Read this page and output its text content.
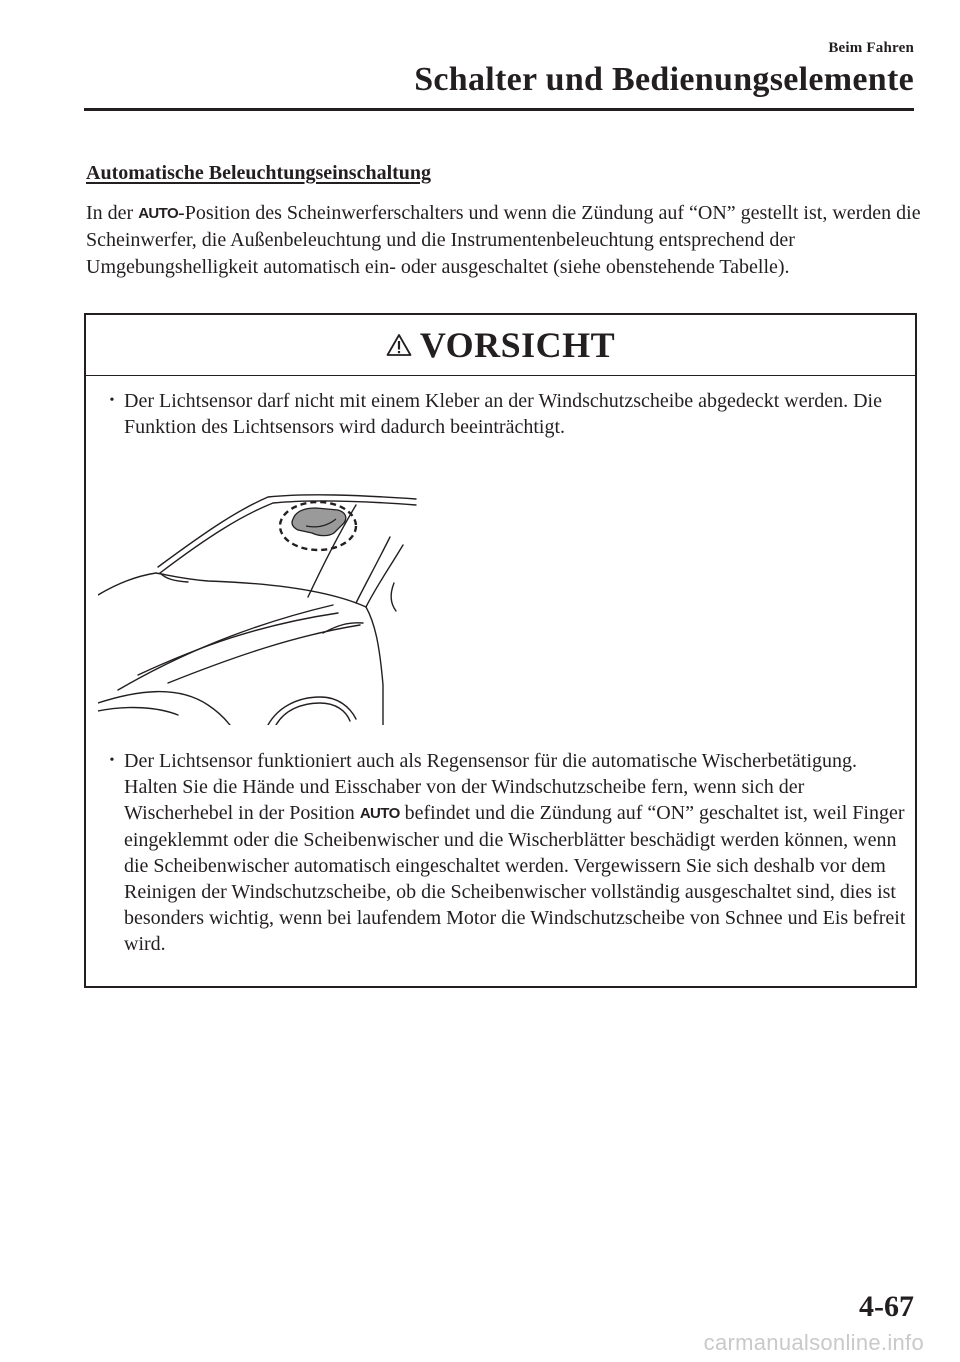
Beim Fahren
Schalter und Bedienungselemente
Automatische Beleuchtungseinschaltung

In der AUTO-Position des Scheinwerferschalters und wenn die Zündung auf “ON” gestellt ist, werden die Scheinwerfer, die Außenbeleuchtung und die Instrumentenbeleuchtung entsprechend der Umgebungshelligkeit automatisch ein- oder ausgeschaltet (siehe obenstehende Tabelle).

VORSICHT
• Der Lichtsensor darf nicht mit einem Kleber an der Windschutzscheibe abgedeckt werden. Die Funktion des Lichtsensors wird dadurch beeinträchtigt.
• Der Lichtsensor funktioniert auch als Regensensor für die automatische Wischerbetätigung. Halten Sie die Hände und Eisschaber von der Windschutzscheibe fern, wenn sich der Wischerhebel in der Position AUTO befindet und die Zündung auf “ON” geschaltet ist, weil Finger eingeklemmt oder die Scheibenwischer und die Wischerblätter beschädigt werden können, wenn die Scheibenwischer automatisch eingeschaltet werden. Vergewissern Sie sich deshalb vor dem Reinigen der Windschutzscheibe, ob die Scheibenwischer vollständig ausgeschaltet sind, dies ist besonders wichtig, wenn bei laufendem Motor die Windschutzscheibe von Schnee und Eis befreit wird.
4-67
carmanualsonline.info
